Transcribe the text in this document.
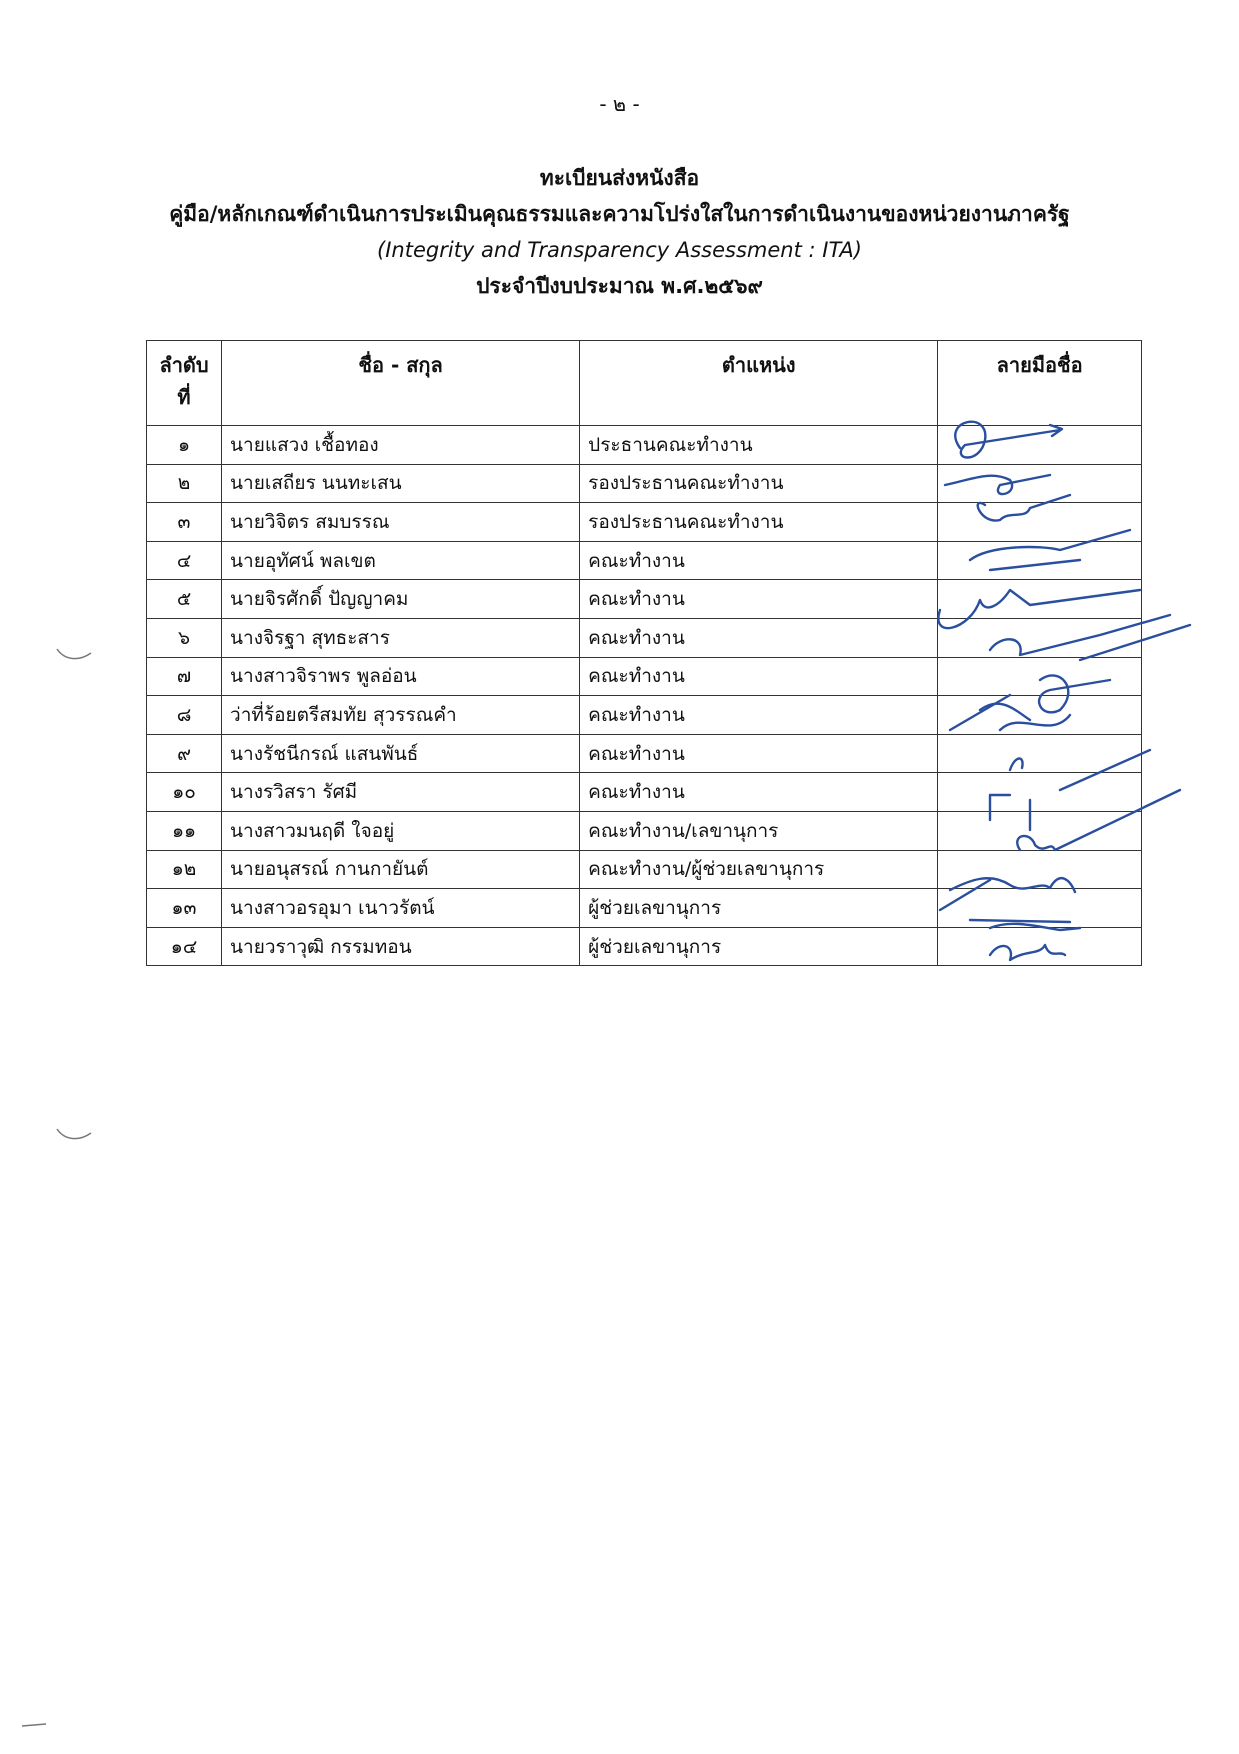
- ๒ -
ทะเบียนส่งหนังสือ
คู่มือ/หลักเกณฑ์ดำเนินการประเมินคุณธรรมและความโปร่งใสในการดำเนินงานของหน่วยงานภาครัฐ
(Integrity and Transparency Assessment : ITA)
ประจำปีงบประมาณ พ.ศ.๒๕๖๙
ลำดับที่	ชื่อ - สกุล	ตำแหน่ง	ลายมือชื่อ
๑	นายแสวง เชื้อทอง	ประธานคณะทำงาน	
๒	นายเสถียร นนทะเสน	รองประธานคณะทำงาน	
๓	นายวิจิตร สมบรรณ	รองประธานคณะทำงาน	
๔	นายอุทัศน์ พลเขต	คณะทำงาน	
๕	นายจิรศักดิ์ ปัญญาคม	คณะทำงาน	
๖	นางจิรฐา สุทธะสาร	คณะทำงาน	
๗	นางสาวจิราพร พูลอ่อน	คณะทำงาน	
๘	ว่าที่ร้อยตรีสมทัย สุวรรณคำ	คณะทำงาน	
๙	นางรัชนีกรณ์ แสนพันธ์	คณะทำงาน	
๑๐	นางรวิสรา รัศมี	คณะทำงาน	
๑๑	นางสาวมนฤดี ใจอยู่	คณะทำงาน/เลขานุการ	
๑๒	นายอนุสรณ์ กานกายันต์	คณะทำงาน/ผู้ช่วยเลขานุการ	
๑๓	นางสาวอรอุมา เนาวรัตน์	ผู้ช่วยเลขานุการ	
๑๔	นายวราวุฒิ กรรมทอน	ผู้ช่วยเลขานุการ	
